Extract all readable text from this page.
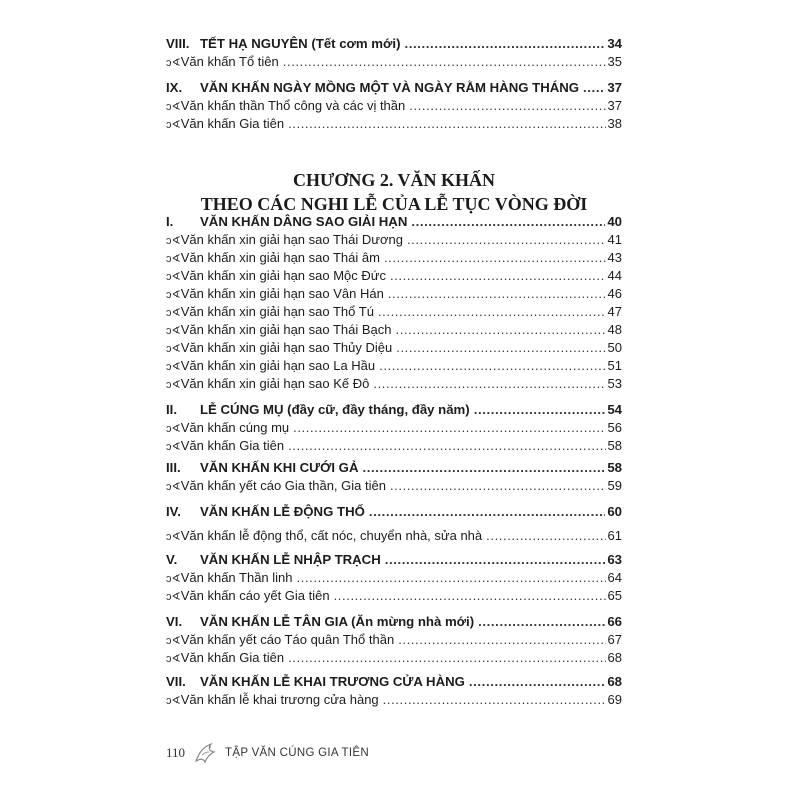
VIII. TẾT HẠ NGUYÊN (Tết cơm mới) .....	34
ↄ∢ Văn khấn Tổ tiên .....	35
IX.	VĂN KHẤN NGÀY MỒNG MỘT VÀ NGÀY RẰM HÀNG THÁNG ..... 37
ↄ∢ Văn khấn thần Thổ công và các vị thần .....	37
ↄ∢ Văn khấn Gia tiên .....	38
CHƯƠNG 2. VĂN KHẤN
THEO CÁC NGHI LỄ CỦA LỄ TỤC VÒNG ĐỜI
I.	VĂN KHẤN DÂNG SAO GIẢI HẠN .....	40
ↄ∢ Văn khấn xin giải hạn sao Thái Dương .....	41
ↄ∢ Văn khấn xin giải hạn sao Thái âm .....	43
ↄ∢ Văn khấn xin giải hạn sao Mộc Đức .....	44
ↄ∢ Văn khấn xin giải hạn sao Vân Hán .....	46
ↄ∢ Văn khấn xin giải hạn sao Thổ Tú .....	47
ↄ∢ Văn khấn xin giải hạn sao Thái Bạch .....	48
ↄ∢ Văn khấn xin giải hạn sao Thủy Diệu .....	50
ↄ∢ Văn khấn xin giải hạn sao La Hầu .....	51
ↄ∢ Văn khấn xin giải hạn sao Kế Đô .....	53
II.	LỄ CÚNG MỤ (đầy cữ, đầy tháng, đầy năm) .....	54
ↄ∢ Văn khấn cúng mụ .....	56
ↄ∢ Văn khấn Gia tiên .....	58
III.	VĂN KHẤN KHI CƯỚI GẢ .....	58
ↄ∢ Văn khấn yết cáo Gia thần, Gia tiên .....	59
IV.	VĂN KHẤN LỄ ĐỘNG THỔ .....	60
ↄ∢ Văn khấn lễ động thổ, cất nóc, chuyển nhà, sửa nhà .....	61
V.	VĂN KHẤN LỄ NHẬP TRẠCH .....	63
ↄ∢ Văn khấn Thần linh .....	64
ↄ∢ Văn khấn cáo yết Gia tiên .....	65
VI.	VĂN KHẤN LỄ TÂN GIA (Ăn mừng nhà mới) .....	66
ↄ∢ Văn khấn yết cáo Táo quân Thổ thần .....	67
ↄ∢ Văn khấn Gia tiên .....	68
VII.	VĂN KHẤN LỄ KHAI TRƯƠNG CỬA HÀNG .....	68
ↄ∢ Văn khấn lễ khai trương cửa hàng .....	69
110	TẬP VĂN CÚNG GIA TIÊN
